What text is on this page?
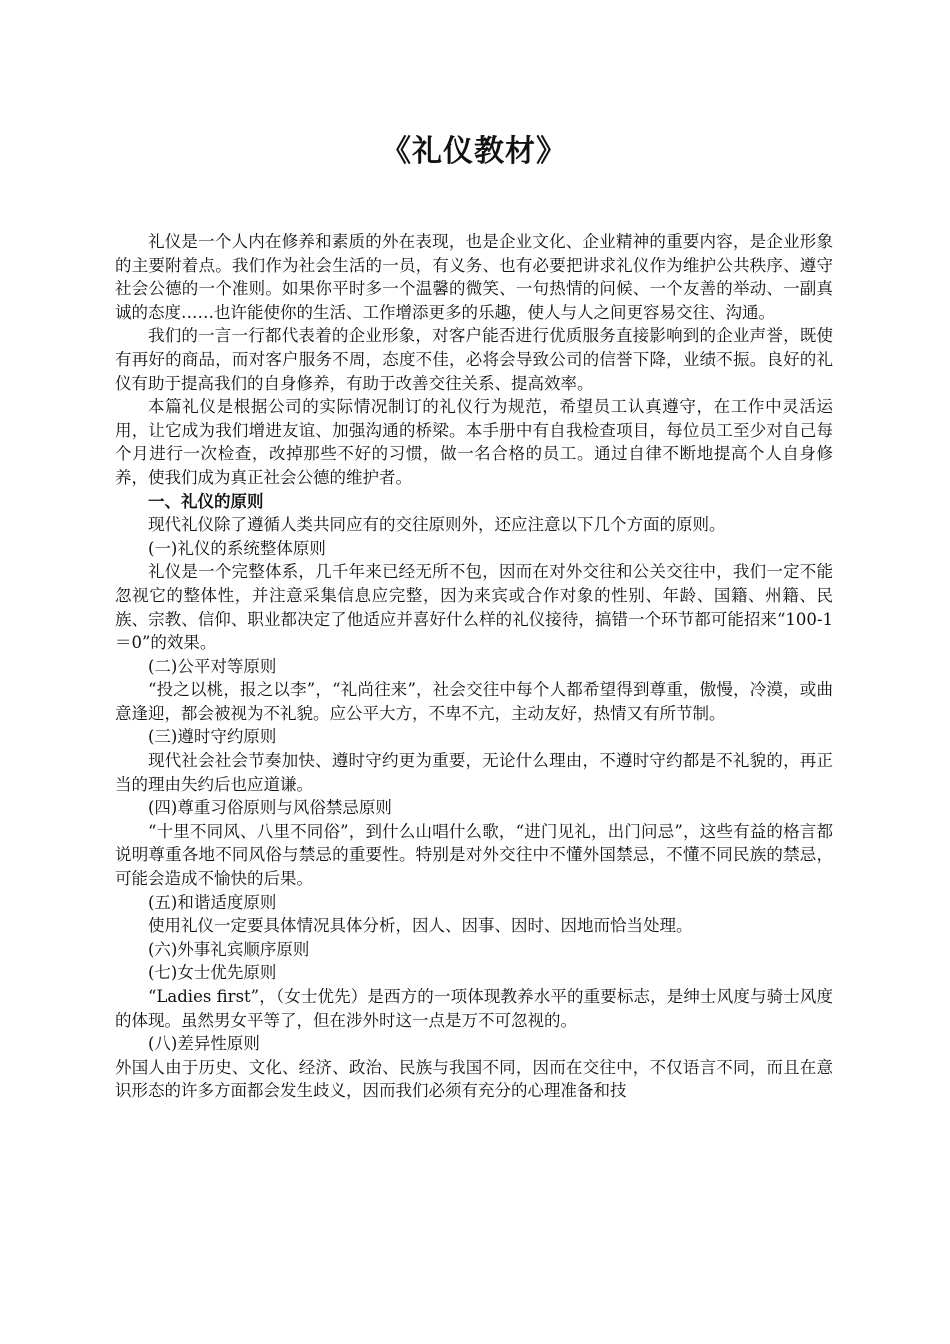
《礼仪教材》

礼仪是一个人内在修养和素质的外在表现，也是企业文化、企业精神的重要内容，是企业形象的主要附着点。我们作为社会生活的一员，有义务、也有必要把讲求礼仪作为维护公共秩序、遵守社会公德的一个准则。如果你平时多一个温馨的微笑、一句热情的问候、一个友善的举动、一副真诚的态度……也许能使你的生活、工作增添更多的乐趣，使人与人之间更容易交往、沟通。

我们的一言一行都代表着的企业形象，对客户能否进行优质服务直接影响到的企业声誉，既使有再好的商品，而对客户服务不周，态度不佳，必将会导致公司的信誉下降，业绩不振。良好的礼仪有助于提高我们的自身修养，有助于改善交往关系、提高效率。

本篇礼仪是根据公司的实际情况制订的礼仪行为规范，希望员工认真遵守，在工作中灵活运用，让它成为我们增进友谊、加强沟通的桥梁。本手册中有自我检查项目，每位员工至少对自己每个月进行一次检查，改掉那些不好的习惯，做一名合格的员工。通过自律不断地提高个人自身修养，使我们成为真正社会公德的维护者。

一、礼仪的原则

现代礼仪除了遵循人类共同应有的交往原则外，还应注意以下几个方面的原则。

(一)礼仪的系统整体原则

礼仪是一个完整体系，几千年来已经无所不包，因而在对外交往和公关交往中，我们一定不能忽视它的整体性，并注意采集信息应完整，因为来宾或合作对象的性别、年龄、国籍、州籍、民族、宗教、信仰、职业都决定了他适应并喜好什么样的礼仪接待，搞错一个环节都可能招来“100-1＝0”的效果。

(二)公平对等原则

“投之以桃，报之以李”，“礼尚往来”，社会交往中每个人都希望得到尊重，傲慢，冷漠，或曲意逢迎，都会被视为不礼貌。应公平大方，不卑不亢，主动友好，热情又有所节制。

(三)遵时守约原则

现代社会社会节奏加快、遵时守约更为重要，无论什么理由，不遵时守约都是不礼貌的，再正当的理由失约后也应道谦。

(四)尊重习俗原则与风俗禁忌原则

“十里不同风、八里不同俗”，到什么山唱什么歌，“进门见礼，出门问忌”，这些有益的格言都说明尊重各地不同风俗与禁忌的重要性。特别是对外交往中不懂外国禁忌，不懂不同民族的禁忌，可能会造成不愉快的后果。

(五)和谐适度原则

使用礼仪一定要具体情况具体分析，因人、因事、因时、因地而恰当处理。

(六)外事礼宾顺序原则

(七)女士优先原则

“Ladies first”，（女士优先）是西方的一项体现教养水平的重要标志，是绅士风度与骑士风度的体现。虽然男女平等了，但在涉外时这一点是万不可忽视的。

(八)差异性原则

外国人由于历史、文化、经济、政治、民族与我国不同，因而在交往中，不仅语言不同，而且在意识形态的许多方面都会发生歧义，因而我们必须有充分的心理准备和技
